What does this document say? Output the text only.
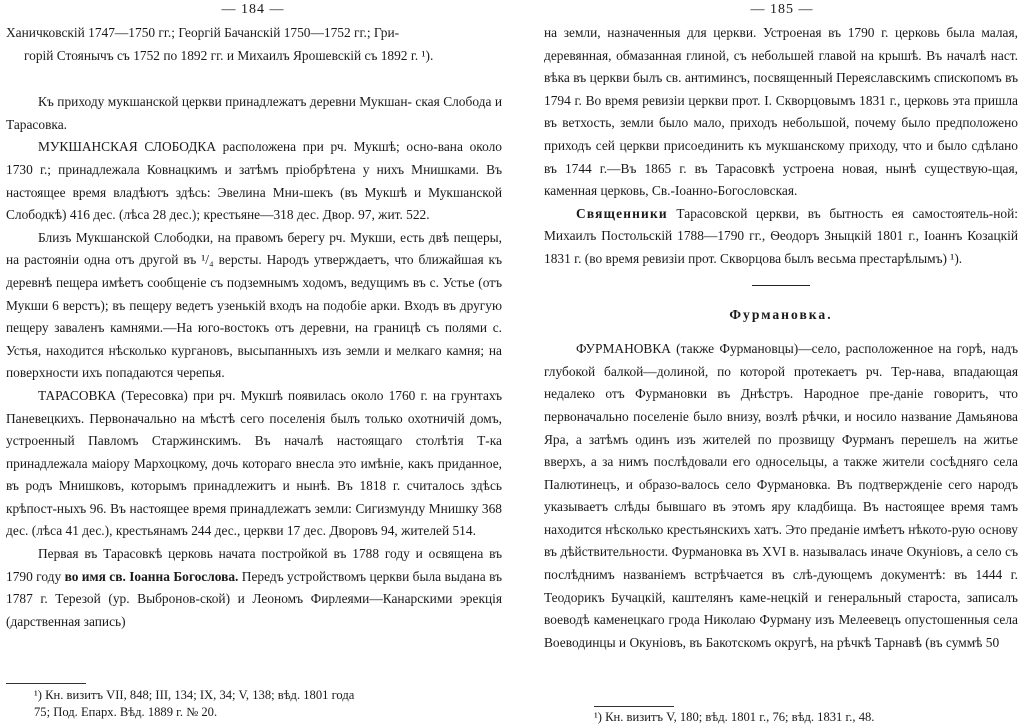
— 184 —

Ханичковскій 1747—1750 гг.; Георгій Бачанскій 1750—1752 гг.; Гри-

горій Стоянычъ съ 1752 по 1892 гг. и Михаилъ Ярошевскій съ 1892 г. ¹).

Къ приходу мукшанской церкви принадлежатъ деревни Мукшан- ская Слобода и Тарасовка.

МУКШАНСКАЯ СЛОБОДКА расположена при рч. Мукшѣ; осно-вана около 1730 г.; принадлежала Ковнацкимъ и затѣмъ пріобрѣтена у нихъ Мнишками. Въ настоящее время владѣютъ здѣсь: Эвелина Мни-шекъ (въ Мукшѣ и Мукшанской Слободкѣ) 416 дес. (лѣса 28 дес.); крестьяне—318 дес. Двор. 97, жит. 522.

Близъ Мукшанской Слободки, на правомъ берегу рч. Мукши, есть двѣ пещеры, на растояніи одна отъ другой въ ¹/₄ версты. Народъ утверждаетъ, что ближайшая къ деревнѣ пещера имѣетъ сообщеніе съ подземнымъ ходомъ, ведущимъ въ с. Устье (отъ Мукши 6 верстъ); въ пещеру ведетъ узенькій входъ на подобіе арки. Входъ въ другую пещеру заваленъ камнями.—На юго-востокъ отъ деревни, на границѣ съ полями с. Устья, находится нѣсколько кургановъ, высыпанныхъ изъ земли и мелкаго камня; на поверхности ихъ попадаются черепья.

ТАРАСОВКА (Тересовка) при рч. Мукшѣ появилась около 1760 г. на грунтахъ Паневецкихъ. Первоначально на мѣстѣ сего поселенія былъ только охотничій домъ, устроенный Павломъ Старжинскимъ. Въ началѣ настоящаго столѣтія Т-ка принадлежала маіору Мархоцкому, дочь котораго внесла это имѣніе, какъ приданное, въ родъ Мнишковъ, которымъ принадлежитъ и нынѣ. Въ 1818 г. считалось здѣсь крѣпост-ныхъ 96. Въ настоящее время принадлежатъ земли: Сигизмунду Мнишку 368 дес. (лѣса 41 дес.), крестьянамъ 244 дес., церкви 17 дес. Дворовъ 94, жителей 514.

Первая въ Тарасовкѣ церковь начата постройкой въ 1788 году и освящена въ 1790 году во имя св. Іоанна Богослова. Передъ устройствомъ церкви была выдана въ 1787 г. Терезой (ур. Выбронов-ской) и Леономъ Фирлеями—Канарскими эрекція (дарственная запись)

¹) Кн. визитъ VII, 848; III, 134; IX, 34; V, 138; вѣд. 1801 года
75; Под. Епарх. Вѣд. 1889 г. № 20.
— 185 —

на земли, назначенныя для церкви. Устроеная въ 1790 г. церковь была малая, деревянная, обмазанная глиной, съ небольшей главой на крышѣ. Въ началѣ наст. вѣка въ церкви былъ св. антиминсъ, посвященный Переяславскимъ спископомъ въ 1794 г. Во время ревизіи церкви прот. I. Скворцовымъ 1831 г., церковь эта пришла въ ветхость, земли было мало, приходъ небольшой, почему было предположено приходъ сей церкви присоединить къ мукшанскому приходу, что и было сдѣлано въ 1744 г.—Въ 1865 г. въ Тарасовкѣ устроена новая, нынѣ существую-щая, каменная церковь, Св.-Іоанно-Богословская.

Священники Тарасовской церкви, въ бытность ея самостоятель-ной: Михаилъ Постольскій 1788—1790 гг., Ѳеодоръ Зныцкій 1801 г., Іоаннъ Козацкій 1831 г. (во время ревизіи прот. Скворцова былъ весьма престарѣлымъ) ¹).

Фурмановка.

ФУРМАНОВКА (также Фурмановцы)—село, расположенное на горѣ, надъ глубокой балкой—долиной, по которой протекаетъ рч. Тер-нава, впадающая недалеко отъ Фурмановки въ Днѣстръ. Народное пре-даніе говоритъ, что первоначально поселеніе было внизу, возлѣ рѣчки, и носило название Дамьянова Яра, а затѣмъ одинъ изъ жителей по прозвищу Фурманъ перешелъ на житье вверхъ, а за нимъ послѣдовали его односельцы, а также жители сосѣдняго села Палютинецъ, и образо-валось село Фурмановка. Въ подтвержденіе сего народъ указываетъ слѣды бывшаго въ этомъ яру кладбища. Въ настоящее время тамъ находится нѣсколько крестьянскихъ хатъ. Это преданіе имѣетъ нѣкото-рую основу въ дѣйствительности. Фурмановка въ XVI в. называлась иначе Окуніовъ, а село съ послѣднимъ названіемъ встрѣчается въ слѣ-дующемъ документѣ: въ 1444 г. Теодорикъ Бучацкій, каштелянъ каме-нецкій и генеральный староста, записалъ воеводѣ каменецкаго грода Николаю Фурману изъ Мелеевецъ опустошенныя села Воеводинцы и Окуніовъ, въ Бакотскомъ округѣ, на рѣчкѣ Тарнавѣ (въ суммѣ 50

¹) Кн. визитъ V, 180; вѣд. 1801 г., 76; вѣд. 1831 г., 48.
